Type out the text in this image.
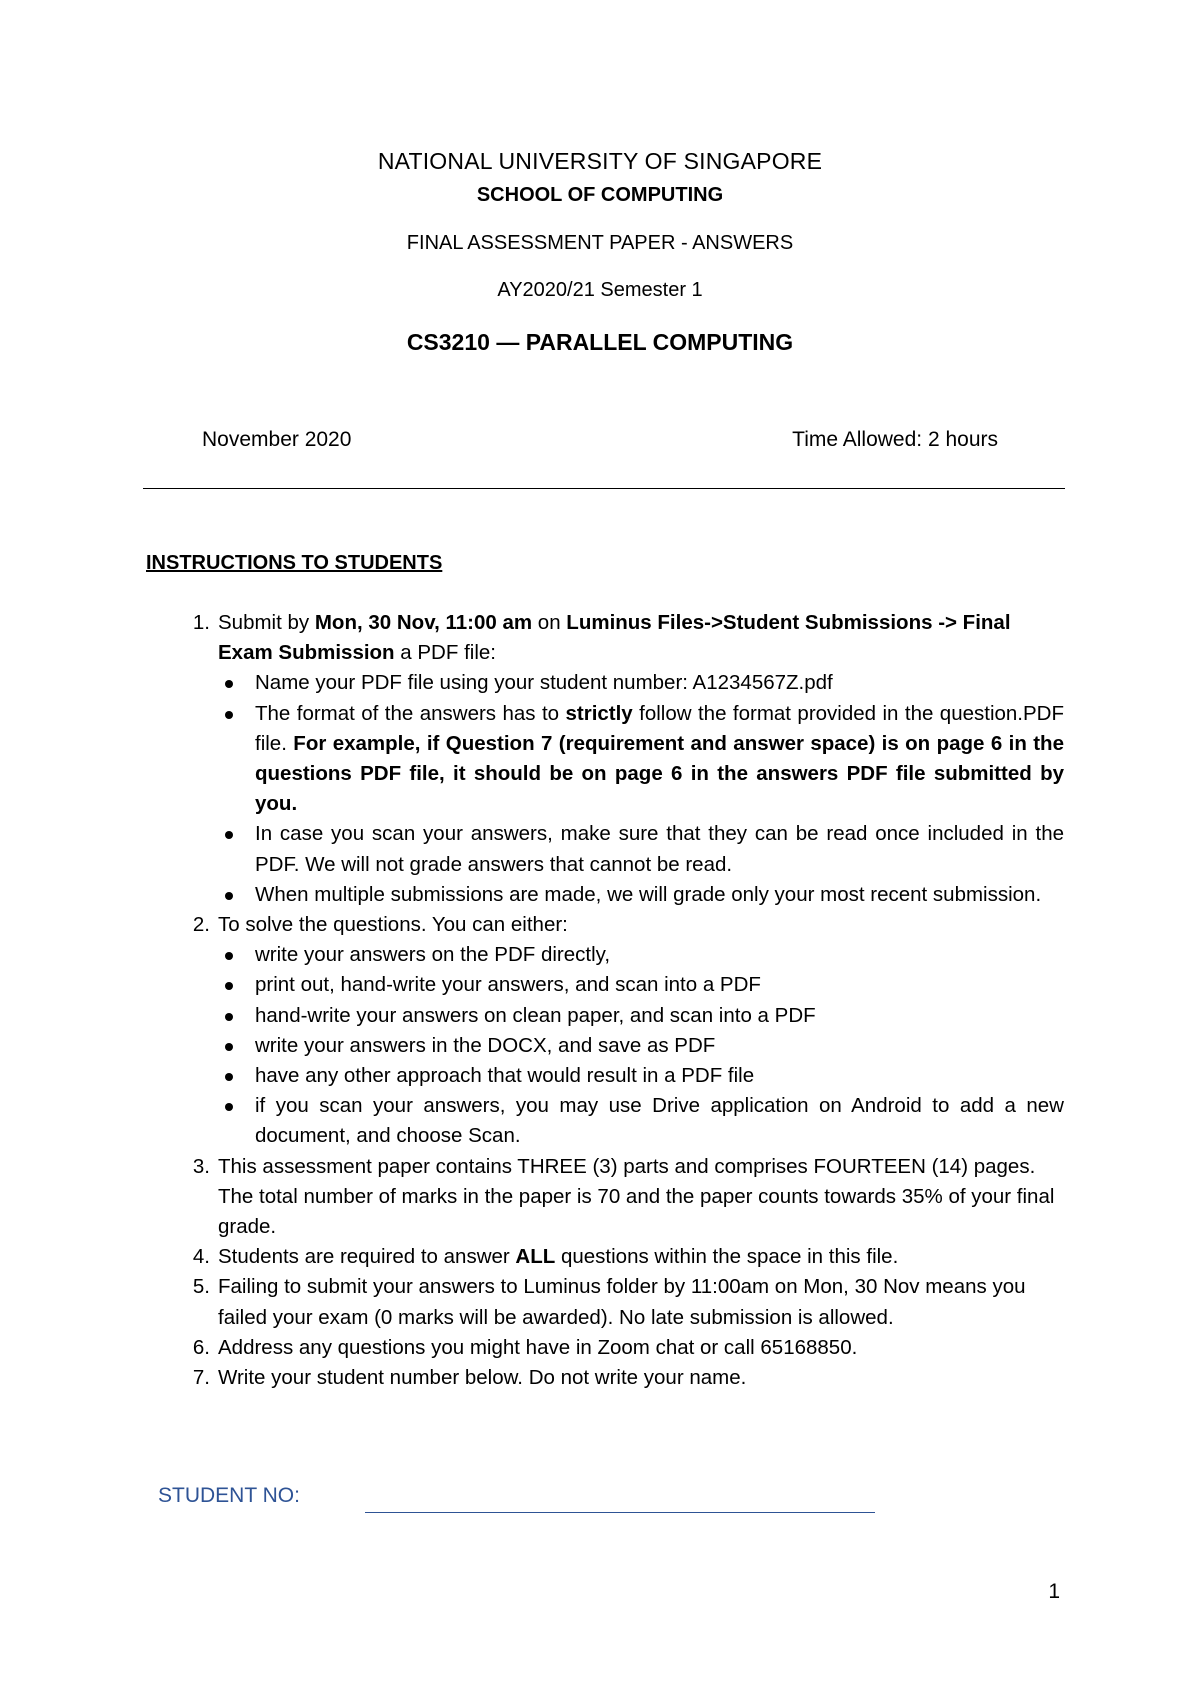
NATIONAL UNIVERSITY OF SINGAPORE
SCHOOL OF COMPUTING
FINAL ASSESSMENT PAPER - ANSWERS
AY2020/21 Semester 1
CS3210 — PARALLEL COMPUTING
November 2020	Time Allowed: 2 hours
INSTRUCTIONS TO STUDENTS
1. Submit by Mon, 30 Nov, 11:00 am on Luminus Files->Student Submissions -> Final Exam Submission a PDF file:
Name your PDF file using your student number: A1234567Z.pdf
The format of the answers has to strictly follow the format provided in the question.PDF file. For example, if Question 7 (requirement and answer space) is on page 6 in the questions PDF file, it should be on page 6 in the answers PDF file submitted by you.
In case you scan your answers, make sure that they can be read once included in the PDF. We will not grade answers that cannot be read.
When multiple submissions are made, we will grade only your most recent submission.
2. To solve the questions. You can either:
write your answers on the PDF directly,
print out, hand-write your answers, and scan into a PDF
hand-write your answers on clean paper, and scan into a PDF
write your answers in the DOCX, and save as PDF
have any other approach that would result in a PDF file
if you scan your answers, you may use Drive application on Android to add a new document, and choose Scan.
3. This assessment paper contains THREE (3) parts and comprises FOURTEEN (14) pages. The total number of marks in the paper is 70 and the paper counts towards 35% of your final grade.
4. Students are required to answer ALL questions within the space in this file.
5. Failing to submit your answers to Luminus folder by 11:00am on Mon, 30 Nov means you failed your exam (0 marks will be awarded). No late submission is allowed.
6. Address any questions you might have in Zoom chat or call 65168850.
7. Write your student number below. Do not write your name.
STUDENT NO:
1
